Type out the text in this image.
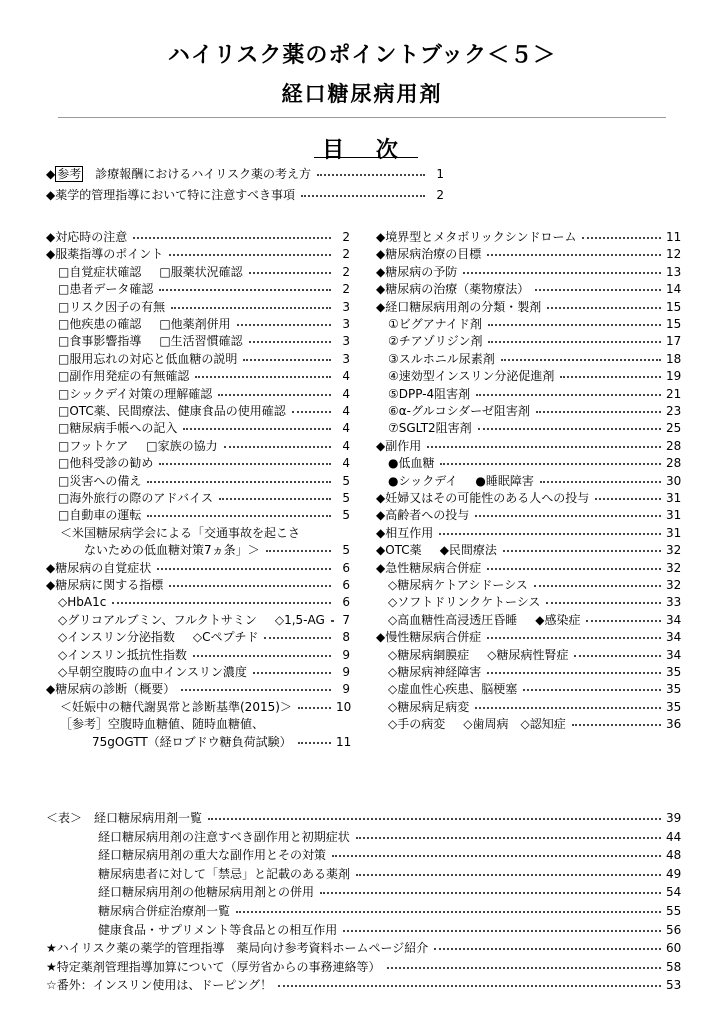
ハイリスク薬のポイントブック＜５＞
経口糖尿病用剤
目 次
◆ 参考　 診療報酬におけるハイリスク薬の考え方	1
◆薬学的管理指導において特に注意すべき事項	2
◆対応時の注意	2
◆服薬指導のポイント	2
□自覚症状確認 □服薬状況確認	2
□患者データ確認	2
□リスク因子の有無	3
□他疾患の確認 □他薬剤併用	3
□食事影響指導 □生活習慣確認	3
□服用忘れの対応と低血糖の説明	3
□副作用発症の有無確認	4
□シックデイ対策の理解確認	4
□OTC薬、民間療法、健康食品の使用確認	4
□糖尿病手帳への記入	4
□フットケア □家族の協力	4
□他科受診の勧め	4
□災害への備え	5
□海外旅行の際のアドバイス	5
□自動車の運転	5
＜米国糖尿病学会による「交通事故を起こさ
ないための低血糖対策7ヵ条」＞	5
◆糖尿病の自覚症状	6
◆糖尿病に関する指標	6
◇HbA1c	6
◇グリコアルブミン、フルクトサミン ◇1,5-AG	7
◇インスリン分泌指数 ◇Cペプチド	8
◇インスリン抵抗性指数	9
◇早朝空腹時の血中インスリン濃度	9
◆糖尿病の診断（概要）	9
＜妊娠中の糖代謝異常と診断基準(2015)＞	10
［参考］空腹時血糖値、随時血糖値、
75gOGTT（経ロブドウ糖負荷試験）	11
◆境界型とメタボリックシンドローム	11
◆糖尿病治療の目標	12
◆糖尿病の予防	13
◆糖尿病の治療（薬物療法）	14
◆経口糖尿病用剤の分類・製剤	15
①ビグアナイド剤	15
②チアゾリジン剤	17
③スルホニル尿素剤	18
④速効型インスリン分泌促進剤	19
⑤DPP-4阻害剤	21
⑥α-グルコシダーゼ阻害剤	23
⑦SGLT2阻害剤	25
◆副作用	28
●低血糖	28
●シックデイ ●睡眠障害	30
◆妊婦又はその可能性のある人への投与	31
◆高齢者への投与	31
◆相互作用	31
◆OTC薬 ◆民間療法	32
◆急性糖尿病合併症	32
◇糖尿病ケトアシドーシス	32
◇ソフトドリンクケトーシス	33
◇高血糖性高浸透圧昏睡 ◆感染症	34
◆慢性糖尿病合併症	34
◇糖尿病網膜症 ◇糖尿病性腎症	34
◇糖尿病神経障害	35
◇虚血性心疾患、脳梗塞	35
◇糖尿病足病変	35
◇手の病変 ◇歯周病　◇認知症	36
＜表＞　経口糖尿病用剤一覧	39
経口糖尿病用剤の注意すべき副作用と初期症状	44
経口糖尿病用剤の重大な副作用とその対策	48
糖尿病患者に対して「禁忌」と記載のある薬剤	49
経口糖尿病用剤の他糖尿病用剤との併用	54
糖尿病合併症治療剤一覧	55
健康食品・サプリメント等食品との相互作用	56
★ハイリスク薬の薬学的管理指導　薬局向け参考資料ホームページ紹介	60
★特定薬剤管理指導加算について（厚労省からの事務連絡等）	58
☆番外：インスリン使用は、ドーピング！	53
